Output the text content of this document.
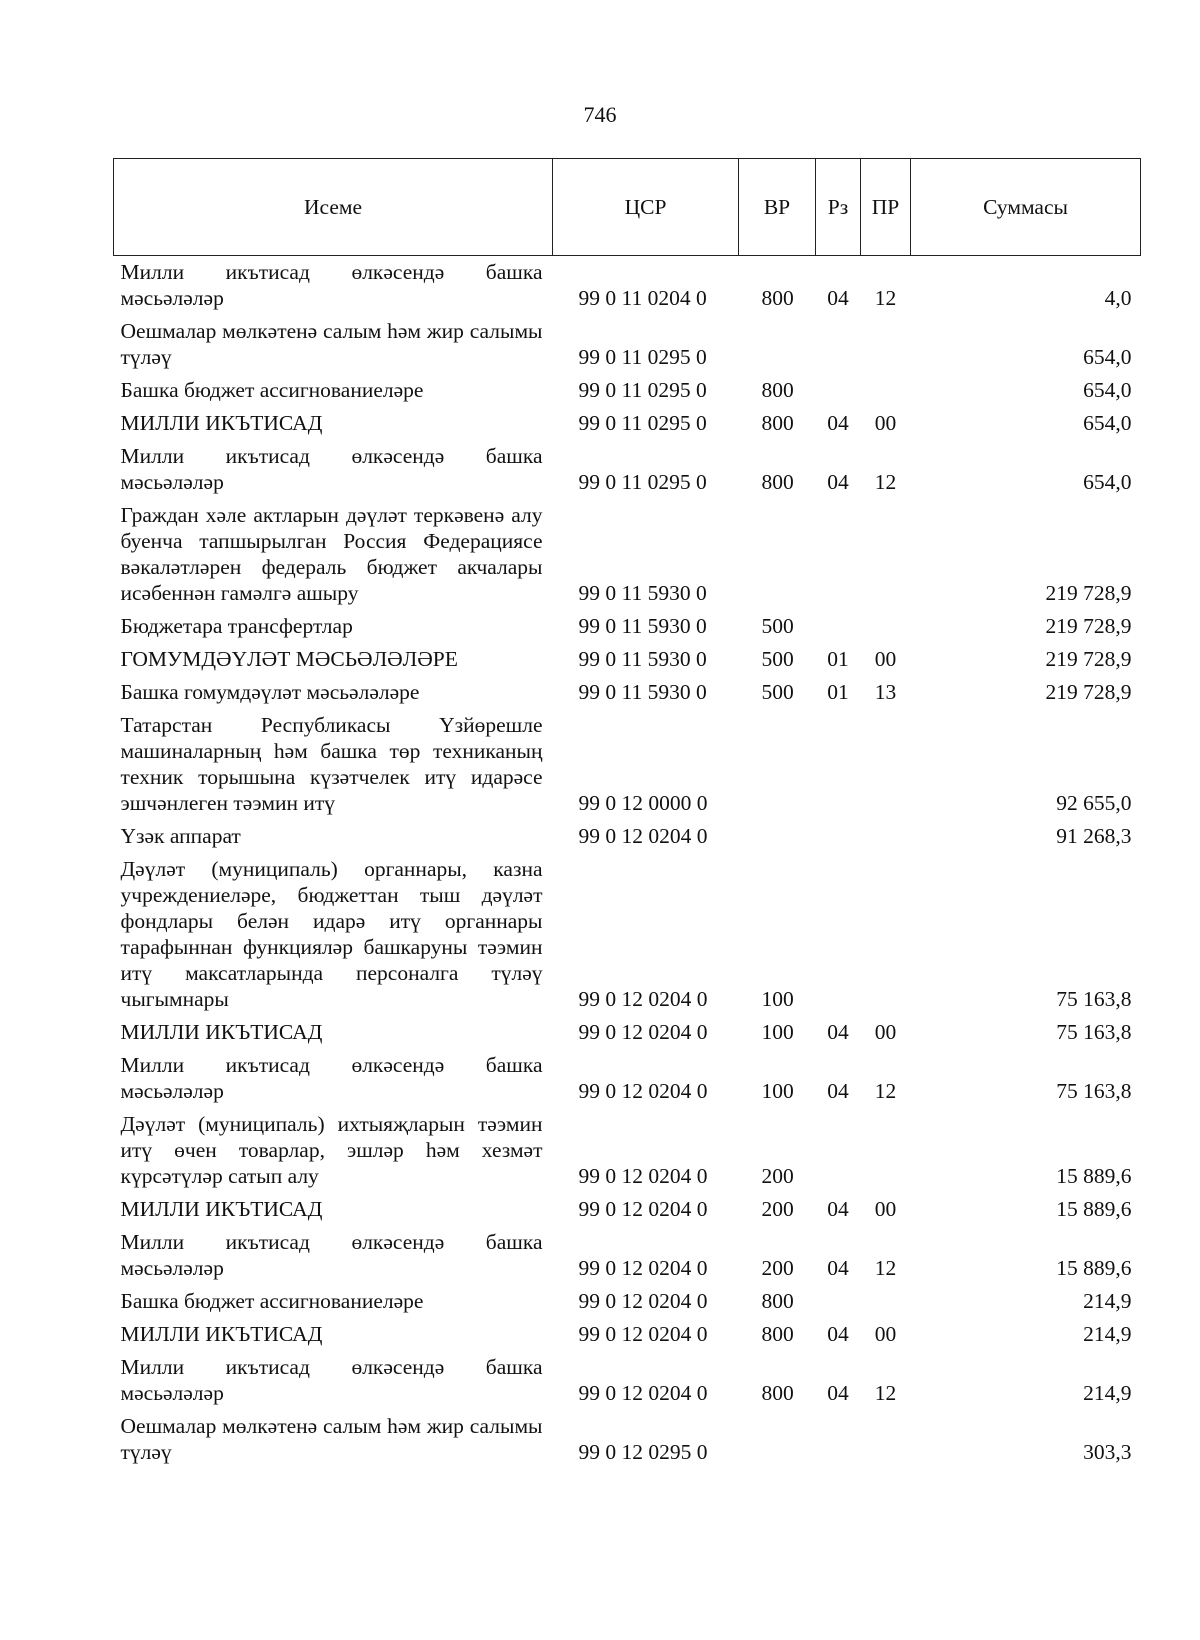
746
Исеме	ЦСР	ВР	Рз	ПР	Суммасы

Милли икътисад өлкәсендә башка мәсьәләләр	99 0 11 0204 0	800	04	12	4,0

Оешмалар мөлкәтенә салым һәм жир салымы түләү	99 0 11 0295 0				654,0

Башка бюджет ассигнованиеләре	99 0 11 0295 0	800			654,0

МИЛЛИ ИКЪТИСАД	99 0 11 0295 0	800	04	00	654,0

Милли икътисад өлкәсендә башка мәсьәләләр	99 0 11 0295 0	800	04	12	654,0

Граждан хәле актларын дәүләт теркәвенә алу буенча тапшырылган Россия Федерациясе вәкаләтләрен федераль бюджет акчалары исәбеннән гамәлгә ашыру	99 0 11 5930 0				219 728,9

Бюджетара трансфертлар	99 0 11 5930 0	500			219 728,9

ГОМУМДӘҮЛӘТ МӘСЬӘЛӘЛӘРЕ	99 0 11 5930 0	500	01	00	219 728,9

Башка гомумдәүләт мәсьәләләре	99 0 11 5930 0	500	01	13	219 728,9

Татарстан Республикасы Үзйөрешле машиналарның һәм башка төр техниканың техник торышына күзәтчелек итү идарәсе эшчәнлеген тәэмин итү	99 0 12 0000 0				92 655,0

Үзәк аппарат	99 0 12 0204 0				91 268,3

Дәүләт (муниципаль) органнары, казна учреждениеләре, бюджеттан тыш дәүләт фондлары белән идарә итү органнары тарафыннан функцияләр башкаруны тәэмин итү максатларында персоналга түләү чыгымнары	99 0 12 0204 0	100			75 163,8

МИЛЛИ ИКЪТИСАД	99 0 12 0204 0	100	04	00	75 163,8

Милли икътисад өлкәсендә башка мәсьәләләр	99 0 12 0204 0	100	04	12	75 163,8

Дәүләт (муниципаль) ихтыяҗларын тәэмин итү өчен товарлар, эшләр һәм хезмәт күрсәтүләр сатып алу	99 0 12 0204 0	200			15 889,6

МИЛЛИ ИКЪТИСАД	99 0 12 0204 0	200	04	00	15 889,6

Милли икътисад өлкәсендә башка мәсьәләләр	99 0 12 0204 0	200	04	12	15 889,6

Башка бюджет ассигнованиеләре	99 0 12 0204 0	800			214,9

МИЛЛИ ИКЪТИСАД	99 0 12 0204 0	800	04	00	214,9

Милли икътисад өлкәсендә башка мәсьәләләр	99 0 12 0204 0	800	04	12	214,9

Оешмалар мөлкәтенә салым һәм жир салымы түләү	99 0 12 0295 0				303,3
